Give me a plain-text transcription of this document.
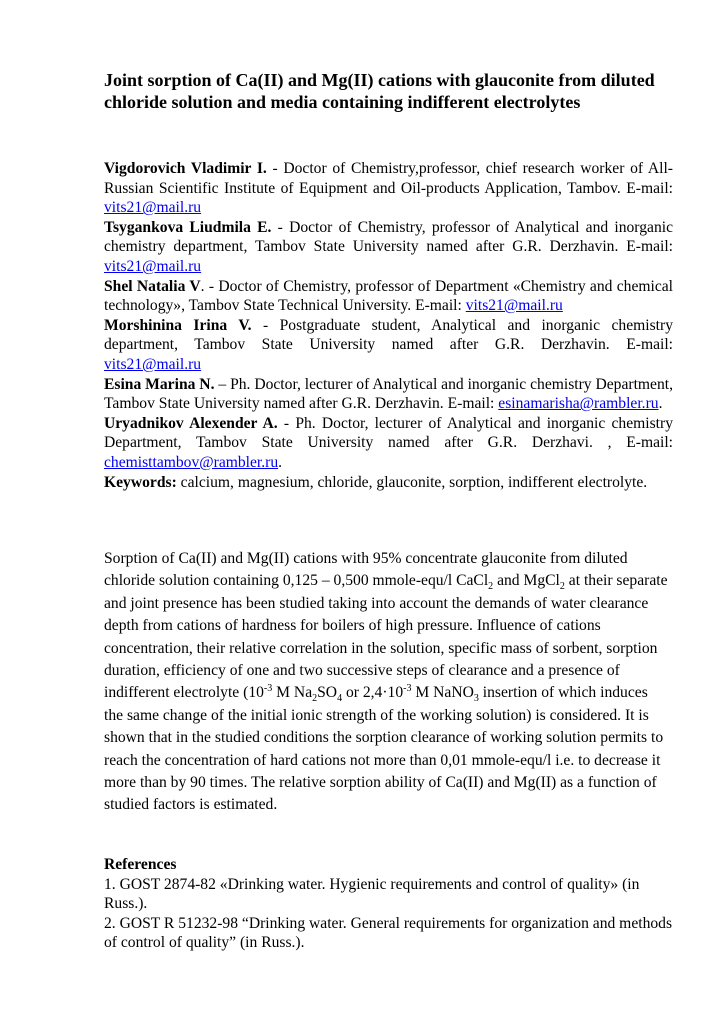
Joint sorption of Ca(II) and Mg(II) cations with glauconite from diluted chloride solution and media containing indifferent electrolytes

Vigdorovich Vladimir I. - Doctor of Chemistry,professor, chief research worker of All-Russian Scientific Institute of Equipment and Oil-products Application, Tambov. E-mail: vits21@mail.ru

Tsygankova Liudmila E. - Doctor of Chemistry, professor of Analytical and inorganic chemistry department, Tambov State University named after G.R. Derzhavin. E-mail: vits21@mail.ru

Shel Natalia V. - Doctor of Chemistry, professor of Department «Chemistry and chemical technology», Tambov State Technical University. E-mail: vits21@mail.ru

Morshinina Irina V. - Postgraduate student, Analytical and inorganic chemistry department, Tambov State University named after G.R. Derzhavin. E-mail: vits21@mail.ru

Esina Marina N. – Ph. Doctor, lecturer of Analytical and inorganic chemistry Department, Tambov State University named after G.R. Derzhavin. E-mail: esinamarisha@rambler.ru.

Uryadnikov Alexender A. - Ph. Doctor, lecturer of Analytical and inorganic chemistry Department, Tambov State University named after G.R. Derzhavi. , E-mail: chemisttambov@rambler.ru.

Keywords: calcium, magnesium, chloride, glauconite, sorption, indifferent electrolyte.

Sorption of Ca(II) and Mg(II) cations with 95% concentrate glauconite from diluted chloride solution containing 0,125 – 0,500 mmole-equ/l CaCl$_2$ and MgCl$_2$ at their separate and joint presence has been studied taking into account the demands of water clearance depth from cations of hardness for boilers of high pressure. Influence of cations concentration, their relative correlation in the solution, specific mass of sorbent, sorption duration, efficiency of one and two successive steps of clearance and a presence of indifferent electrolyte ($10^{-3}$ M $Na_2SO_4$ or $2,4\cdot 10^{-3}$ M NaNO$_3$ insertion of which induces the same change of the initial ionic strength of the working solution) is considered. It is shown that in the studied conditions the sorption clearance of working solution permits to reach the concentration of hard cations not more than 0,01 mmole-equ/l i.e. to decrease it more than by 90 times. The relative sorption ability of Ca(II) and Mg(II) as a function of studied factors is estimated.

References

1. GOST 2874-82 «Drinking water. Hygienic requirements and control of quality» (in Russ.).

2. GOST R 51232-98 “Drinking water. General requirements for organization and methods of control of quality” (in Russ.).
